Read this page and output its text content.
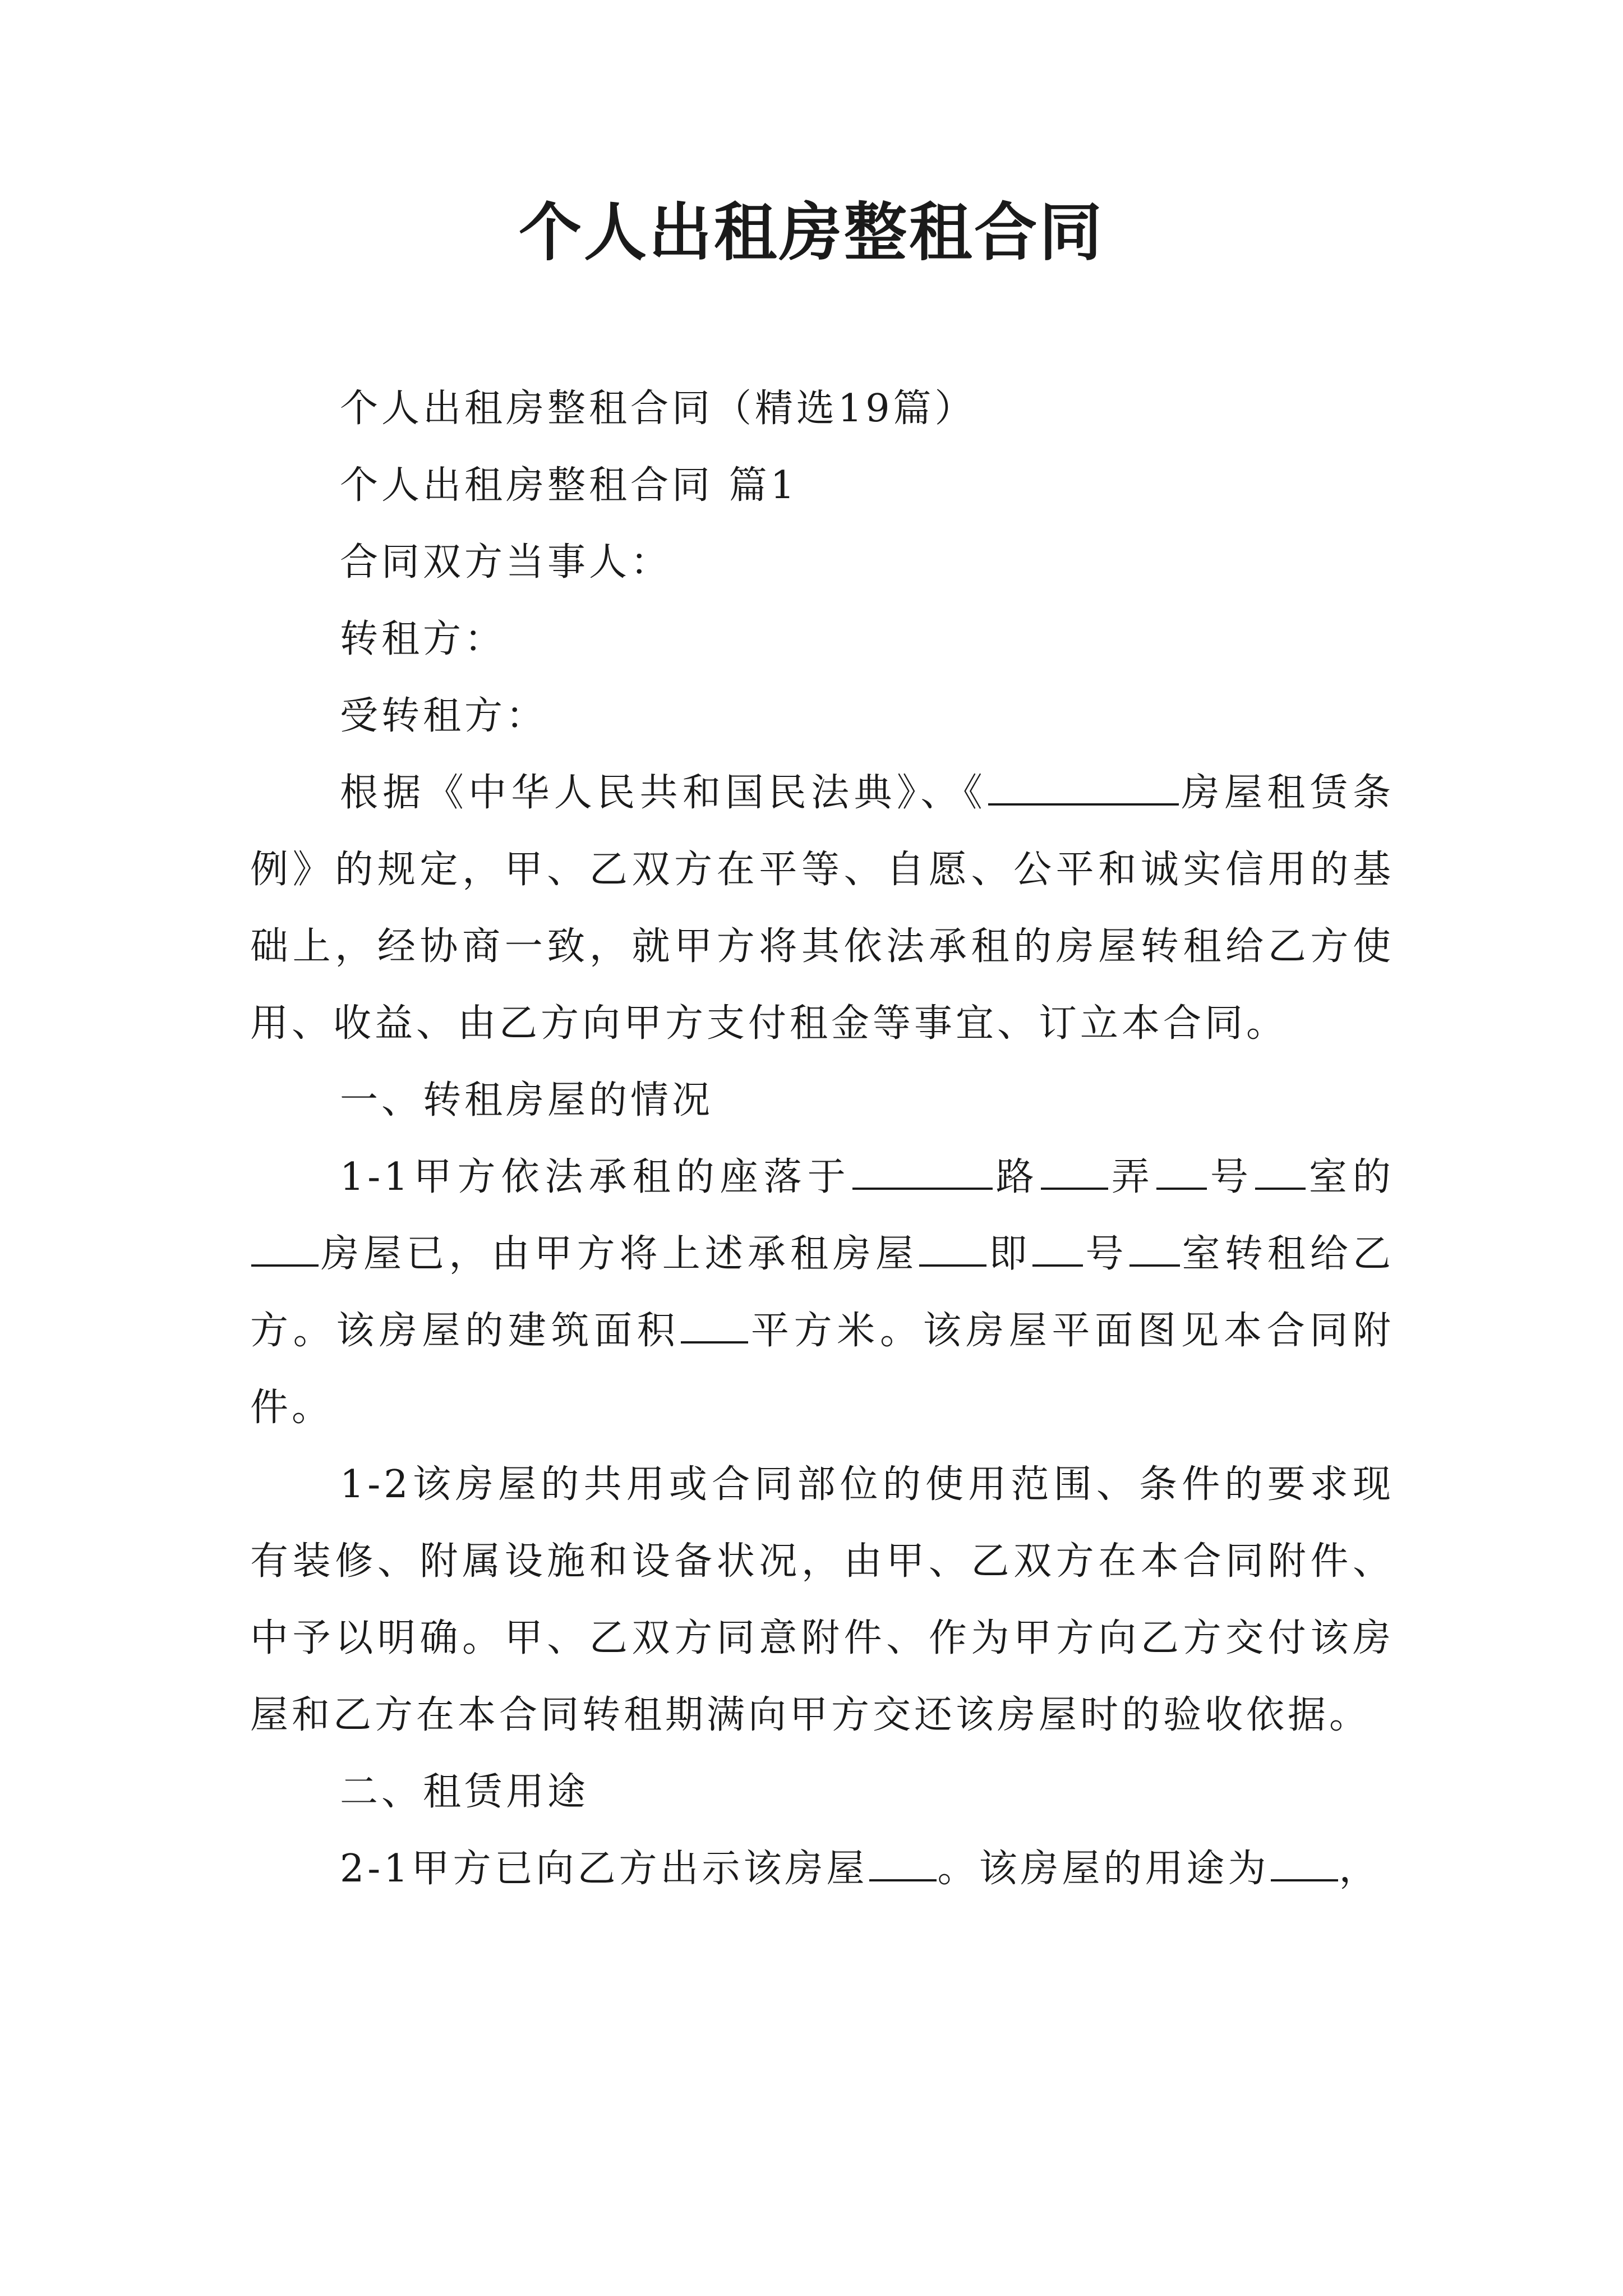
个人出租房整租合同

个人出租房整租合同（精选19篇）

个人出租房整租合同 篇1

合同双方当事人：

转租方：

受转租方：

根据《中华人民共和国民法典》、《	房屋租赁条例》的规定，甲、乙双方在平等、自愿、公平和诚实信用的基础上，经协商一致，就甲方将其依法承租的房屋转租给乙方使用、收益、由乙方向甲方支付租金等事宜、订立本合同。

一、转租房屋的情况

1-1甲方依法承租的座落于	路 弄 号 室的房屋已，由甲方将上述承租房屋 即 号 室转租给乙方。该房屋的建筑面积 平方米。该房屋平面图见本合同附件。

1-2该房屋的共用或合同部位的使用范围、条件的要求现有装修、附属设施和设备状况，由甲、乙双方在本合同附件、中予以明确。甲、乙双方同意附件、作为甲方向乙方交付该房屋和乙方在本合同转租期满向甲方交还该房屋时的验收依据。

二、租赁用途

2-1甲方已向乙方出示该房屋 。该房屋的用途为 ，
